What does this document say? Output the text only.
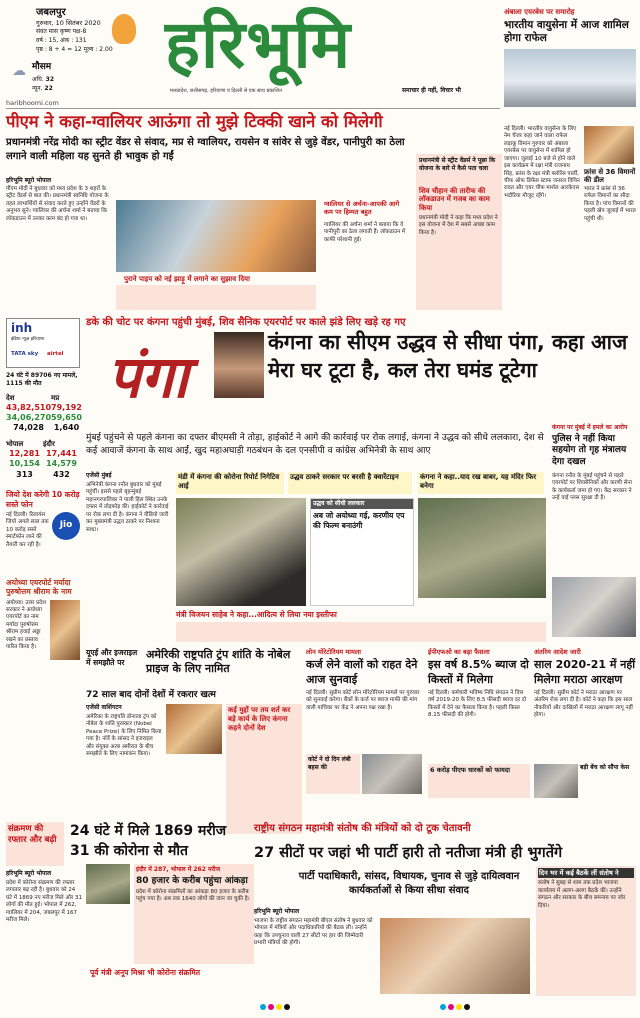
जबलपुर
गुरुवार, 10 सितंबर 2020
संवत मास कृष्ण पक्ष-8
वर्ष : 15, अंक : 131
पृष्ठ : 8 + 4 = 12 मूल्य : 2.00
☁ मौसम
अधि. 32
न्यून. 22
हरिभूमि
मध्यप्रदेश, छत्तीसगढ़, हरियाणा व दिल्ली से एक साथ प्रकाशित	समाचार ही नहीं, विचार भी
haribhoomi.com
अंबाला एयरबेस पर समारोह
भारतीय वायुसेना में आज शामिल होगा राफेल
नई दिल्ली। भारतीय वायुसेना के लिए नेम चेंजर कहा जाने वाला राफेल लड़ाकू विमान गुरुवार को अंबाला एयरबेस पर वायुसेना में शामिल हो जाएगा। जुलाई 10 बजे से होने वाले इस कार्यक्रम में रक्षा मंत्री राजनाथ सिंह, फ्रांस के रक्षा मंत्री फ्लोरेंस पार्ली, चीफ ऑफ डिफेंस स्टाफ जनरल विपिन रावत और एयर चीफ मार्शल आरकेएस भदौरिया मौजूद रहेंगे।
फ्रांस से 36 विमानों की डील
भारत ने फ्रांस से 36 राफेल विमानों का सौदा किया है। पांच विमानों की पहली खेप जुलाई में भारत पहुंची थी।
पीएम ने कहा-ग्वालियर आऊंगा तो मुझे टिक्की खाने को मिलेगी
प्रधानमंत्री नरेंद्र मोदी का स्ट्रीट वेंडर से संवाद, मप्र से ग्वालियर, रायसेन व सांवेर से जुड़े वेंडर, पानीपुरी का ठेला लगाने वाली महिला यह सुनते ही भावुक हो गईं
हरिभूमि ब्यूरो भोपाल
पीएम मोदी ने बुधवार को मध्य प्रदेश के 3 शहरों के स्ट्रीट वेंडर्स से बात की। प्रधानमंत्री स्वनिधि योजना के तहत लाभार्थियों से संवाद करते हुए उन्होंने वेंडरों के अनुभव सुने। ग्वालियर की अर्चना शर्मा ने बताया कि लॉकडाउन में उनका काम बंद हो गया था।
पुराने पाइप को नई झाड़ू में लगाने का सुझाव दिया
ग्वालियर से अर्चना-आपकी आगे कम पर हिम्मत बहुत
ग्वालियर की अर्चना शर्मा ने बताया कि वे पानीपुरी का ठेला लगाती हैं। लॉकडाउन में काफी परेशानी हुई।
प्रधानमंत्री से स्ट्रीट वेंडर्स ने पूछा कि योजना के बारे में कैसे पता चला
शिव चौहान की तारीफ की लॉकडाउन में गजब का काम किया
प्रधानमंत्री मोदी ने कहा कि मध्य प्रदेश ने इस योजना में देश में सबसे अच्छा काम किया है।
inh
इंडिया न्यूज़ हरियाणा
TATA sky airtel
24 घंटे में 89706 नए मामले, 1115 की मौत
देश
43,82,510
34,06,270
74,028
मप्र
79,192
59,650
1,640
भोपाल
12,281
10,154
313
इंदौर
17,441
14,579
432
जियो देश करेगी 10 करोड़ सस्ते फोन
नई दिल्ली। रिलायंस जियो अगले साल तक 10 करोड़ सस्ते स्मार्टफोन लाने की तैयारी कर रही है।
Jio
अयोध्या एयरपोर्ट मर्यादा पुरुषोत्तम श्रीराम के नाम
अयोध्या। उत्तर प्रदेश सरकार ने अयोध्या एयरपोर्ट का नाम मर्यादा पुरुषोत्तम श्रीराम हवाई अड्डा रखने का प्रस्ताव पारित किया है।
डके की चोट पर कंगना पहुंची मुंबई, शिव सैनिक एयरपोर्ट पर काले झंडे लिए खड़े रह गए
पंगा
कंगना का सीएम उद्धव से सीधा पंगा, कहा आज मेरा घर टूटा है, कल तेरा घमंड टूटेगा
मुंबई पहुंचने से पहले कंगना का दफ्तर बीएमसी ने तोड़ा, हाईकोर्ट ने आगे की कार्रवाई पर रोक लगाई, कंगना ने उद्धव को सीधे ललकारा, देश से कई आवाजें कंगना के साथ आईं, खुद महाअघाड़ी गठबंधन के दल एनसीपी व कांग्रेस अभिनेत्री के साथ आए
एजेंसी मुंबई
अभिनेत्री कंगना रनौत बुधवार को मुंबई पहुंचीं। इससे पहले बृहन्मुंबई महानगरपालिका ने पाली हिल स्थित उनके दफ्तर में तोड़फोड़ की। हाईकोर्ट ने कार्रवाई पर रोक लगा दी है। कंगना ने वीडियो जारी कर मुख्यमंत्री उद्धव ठाकरे पर निशाना साधा।
मंडी में कंगना की कोरोना रिपोर्ट निगेटिव आई
उद्धव ठाकरे सरकार पर बरसी है क्वारेंटाइन	कंगना ने कहा..याद रख बाबर, यह मंदिर फिर बनेगा
उद्धव को सीधी ललकार
अब जो अयोध्या गई, करणीय एप की फिल्म बनाउंगी
मंत्री विजयन साहेब ने कहा...आदित्य से लिया नया इस्तीफा
कंगना पर मुंबई में हमले का आरोप
पुलिस ने नहीं किया सहयोग तो गृह मंत्रालय देगा दखल
कंगना रनौत के मुंबई पहुंचने से पहले एयरपोर्ट पर शिवसैनिकों और करणी सेना के कार्यकर्ता जमा हो गए। केंद्र सरकार ने उन्हें वाई प्लस सुरक्षा दी है।
यूएई और इजराइल में समझौते पर
अमेरिकी राष्ट्रपति ट्रंप शांति के नोबेल प्राइज के लिए नामित
72 साल बाद दोनों देशों में रकरार खत्म
एजेंसी वाशिंगटन
अमेरिका के राष्ट्रपति डोनाल्ड ट्रंप को नोबेल के शांति पुरस्कार (Nobel Peace Prize) के लिए निमित किया गया है। नॉर्वे के सांसद ने इजराइल और संयुक्त अरब अमीरात के बीच समझौते के लिए नामांकन किया।
कई मुद्दों पर तय शर्त कर बड़े कार्य के लिए कंगना कहने दोनों देश
लोन मोरेटोरियम मामला
कर्ज लेने वालों को राहत देने आज सुनवाई
नई दिल्ली। सुप्रीम कोर्ट लोन मोरेटोरियम मामले पर गुरुवार को सुनवाई करेगा। बैंकों के कर्ज पर ब्याज माफी की मांग वाली याचिका पर केंद्र ने अपना पक्ष रखा है।
कोर्ट ने दो दिन लंबी बहस की
ईपीएफओ का बड़ा फैसला
इस वर्ष 8.5% ब्याज दो किस्तों में मिलेगा
नई दिल्ली। कर्मचारी भविष्य निधि संगठन ने वित्त वर्ष 2019-20 के लिए 8.5 फीसदी ब्याज दर दो किस्तों में देने का फैसला किया है। पहली किस्त 8.15 फीसदी की होगी।
6 करोड़ पीएफ धारकों को फायदा
अंतरिम आदेश जारी
साल 2020-21 में नहीं मिलेगा मराठा आरक्षण
नई दिल्ली। सुप्रीम कोर्ट ने मराठा आरक्षण पर अंतरिम रोक लगा दी है। कोर्ट ने कहा कि इस साल नौकरियों और दाखिलों में मराठा आरक्षण लागू नहीं होगा।
बड़ी बेंच को सौंपा केस
संक्रमण की रफ्तार और बढ़ी
24 घंटे में मिले 1869 मरीज
31 की कोरोना से मौत
हरिभूमि ब्यूरो भोपाल
प्रदेश में कोरोना संक्रमण की रफ्तार लगातार बढ़ रही है। बुधवार को 24 घंटे में 1869 नए मरीज मिले और 31 लोगों की मौत हुई। भोपाल में 262, ग्वालियर में 204, जबलपुर में 167 मरीज मिले।
इंदौर में 287, भोपाल में 262 मरीज
80 हजार के करीब पहुंचा आंकड़ा
प्रदेश में कोरोना संक्रमितों का आंकड़ा 80 हजार के करीब पहुंच गया है। अब तक 1640 लोगों की जान जा चुकी है।
पूर्व मंत्री अनूप मिश्रा भी कोरोना संक्रमित
राष्ट्रीय संगठन महामंत्री संतोष की मंत्रियों को दो टूक चेतावनी
27 सीटों पर जहां भी पार्टी हारी तो नतीजा मंत्री ही भुगतेंगे
पार्टी पदाधिकारी, सांसद, विधायक, चुनाव से जुड़े दायित्ववान कार्यकर्ताओं से किया सीधा संवाद
हरिभूमि ब्यूरो भोपाल
भाजपा के राष्ट्रीय संगठन महामंत्री बीएल संतोष ने बुधवार को भोपाल में मंत्रियों और पदाधिकारियों की बैठक ली। उन्होंने कहा कि उपचुनाव वाली 27 सीटों पर हार की जिम्मेदारी प्रभारी मंत्रियों की होगी।
दिन भर में कई बैठकें लीं संतोष ने
संतोष ने सुबह से शाम तक प्रदेश भाजपा कार्यालय में अलग-अलग बैठकें कीं। उन्होंने संगठन और सरकार के बीच समन्वय पर जोर दिया।
